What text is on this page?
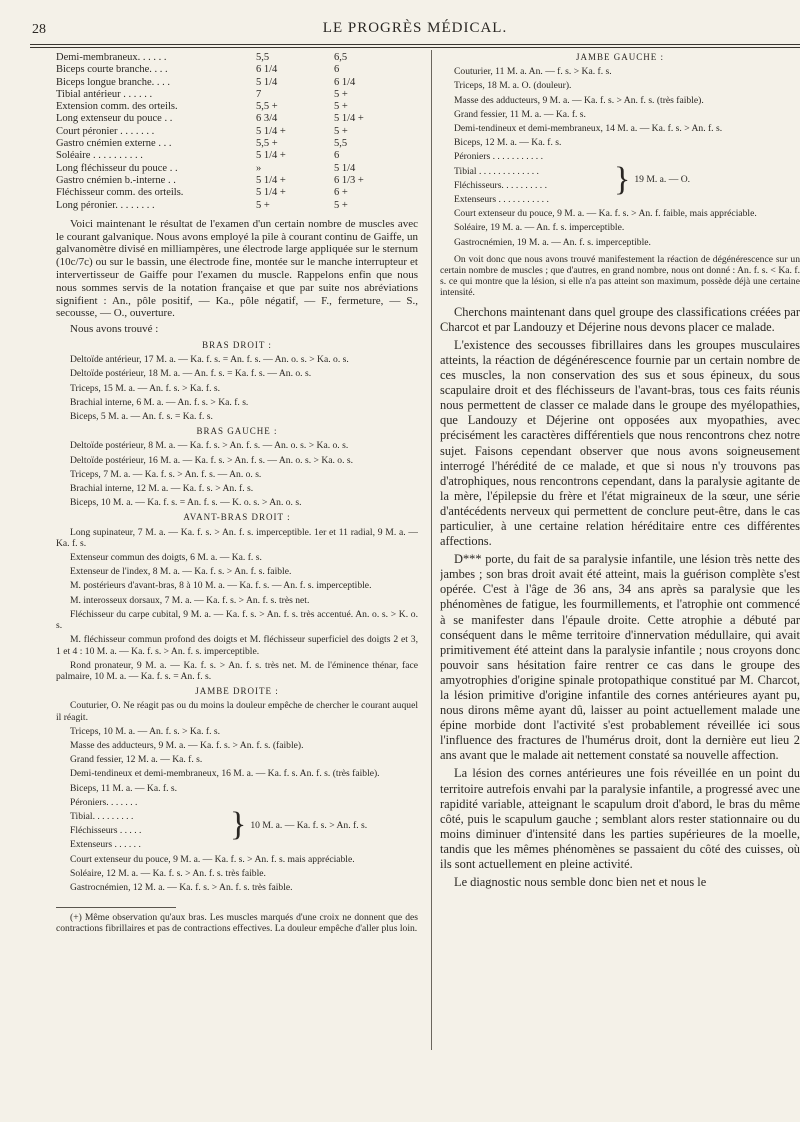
28	LE PROGRÈS MÉDICAL.
Demi-membraneux. . . . . .	5,5	6,5
Biceps courte branche. . . .	6 1/4	6
Biceps longue branche. . . .	5 1/4	6 1/4
Tibial antérieur . . . . . .	7	5 +
Extension comm. des orteils.	5,5 +	5 +
Long extenseur du pouce . .	6 3/4	5 1/4 +
Court péronier . . . . . . .	5 1/4 +	5 +
Gastro cnémien externe . . .	5,5 +	5,5
Soléaire . . . . . . . . . .	5 1/4 +	6
Long fléchisseur du pouce . .	»	5 1/4
Gastro cnémien b.-interne . .	5 1/4 +	6 1/3 +
Fléchisseur comm. des orteils.	5 1/4 +	6 +
Long péronier. . . . . . . .	5 +	5 +

Voici maintenant le résultat de l'examen d'un certain nombre de muscles avec le courant galvanique. Nous avons employé la pile à courant continu de Gaiffe, un galvanomètre divisé en milliampères, une électrode large appliquée sur le sternum (10c/7c) ou sur le bassin, une électrode fine, montée sur le manche interrupteur et intervertisseur de Gaiffe pour l'examen du muscle. Rappelons enfin que nous nous sommes servis de la notation française et que par suite nos abréviations signifient : An., pôle positif, — Ka., pôle négatif, — F., fermeture, — S., secousse, — O., ouverture.

Nous avons trouvé :

BRAS DROIT :
Deltoïde antérieur, 17 M. a. — Ka. f. s. = An. f. s. — An. o. s. > Ka. o. s.
Deltoïde postérieur, 18 M. a. — An. f. s. = Ka. f. s. — An. o. s.
Triceps, 15 M. a. — An. f. s. > Ka. f. s.
Brachial interne, 6 M. a. — An. f. s. > Ka. f. s.
Biceps, 5 M. a. — An. f. s. = Ka. f. s.
BRAS GAUCHE :
Deltoïde postérieur, 8 M. a. — Ka. f. s. > An. f. s. — An. o. s. > Ka. o. s.
Deltoïde postérieur, 16 M. a. — Ka. f. s. > An. f. s. — An. o. s. > Ka. o. s.
Triceps, 7 M. a. — Ka. f. s. > An. f. s. — An. o. s.
Brachial interne, 12 M. a. — Ka. f. s. > An. f. s.
Biceps, 10 M. a. — Ka. f. s. = An. f. s. — K. o. s. > An. o. s.
AVANT-BRAS DROIT :
Long supinateur, 7 M. a. — Ka. f. s. > An. f. s. imperceptible. 1er et 11 radial, 9 M. a. — Ka. f. s.
Extenseur commun des doigts, 6 M. a. — Ka. f. s.
Extenseur de l'index, 8 M. a. — Ka. f. s. > An. f. s. faible.
M. postérieurs d'avant-bras, 8 à 10 M. a. — Ka. f. s. — An. f. s. imperceptible.
M. interosseux dorsaux, 7 M. a. — Ka. f. s. > An. f. s. très net.
Fléchisseur du carpe cubital, 9 M. a. — Ka. f. s. > An. f. s. très accentué. An. o. s. > K. o. s.
M. fléchisseur commun profond des doigts et M. fléchisseur superficiel des doigts 2 et 3, 1 et 4 : 10 M. a. — Ka. f. s. > An. f. s. imperceptible.
Rond pronateur, 9 M. a. — Ka. f. s. > An. f. s. très net. M. de l'éminence thénar, face palmaire, 10 M. a. — Ka. f. s. = An. f. s.
JAMBE DROITE :
Couturier, O. Ne réagit pas ou du moins la douleur empêche de chercher le courant auquel il réagit.
Triceps, 10 M. a. — An. f. s. > Ka. f. s.
Masse des adducteurs, 9 M. a. — Ka. f. s. > An. f. s. (faible).
Grand fessier, 12 M. a. — Ka. f. s.
Demi-tendineux et demi-membraneux, 16 M. a. — Ka. f. s. An. f. s. (très faible).
Biceps, 11 M. a. — Ka. f. s.
Péroniers. . . . . . .
Tibial. . . . . . . . .
Fléchisseurs . . . . .
Extenseurs . . . . . .
} 10 M. a. — Ka. f. s. > An. f. s.
Court extenseur du pouce, 9 M. a. — Ka. f. s. > An. f. s. mais appréciable.
Soléaire, 12 M. a. — Ka. f. s. > An. f. s. très faible.
Gastrocnémien, 12 M. a. — Ka. f. s. > An. f. s. très faible.

(+) Même observation qu'aux bras. Les muscles marqués d'une croix ne donnent que des contractions fibrillaires et pas de contractions effectives. La douleur empêche d'aller plus loin.

JAMBE GAUCHE :
Couturier, 11 M. a. An. — f. s. > Ka. f. s.
Triceps, 18 M. a. O. (douleur).
Masse des adducteurs, 9 M. a. — Ka. f. s. > An. f. s. (très faible).
Grand fessier, 11 M. a. — Ka. f. s.
Demi-tendineux et demi-membraneux, 14 M. a. — Ka. f. s. > An. f. s.
Biceps, 12 M. a. — Ka. f. s.
Péroniers . . . . . . . . . . .
Tibial . . . . . . . . . . . . .
Fléchisseurs. . . . . . . . . .
Extenseurs . . . . . . . . . . .
} 19 M. a. — O.
Court extenseur du pouce, 9 M. a. — Ka. f. s. > An. f. faible, mais appréciable.
Soléaire, 19 M. a. — An. f. s. imperceptible.
Gastrocnémien, 19 M. a. — An. f. s. imperceptible.

On voit donc que nous avons trouvé manifestement la réaction de dégénérescence sur un certain nombre de muscles ; que d'autres, en grand nombre, nous ont donné : An. f. s. < Ka. f. s. ce qui montre que la lésion, si elle n'a pas atteint son maximum, possède déjà une certaine intensité.

Cherchons maintenant dans quel groupe des classifications créées par Charcot et par Landouzy et Déjerine nous devons placer ce malade.

L'existence des secousses fibrillaires dans les groupes musculaires atteints, la réaction de dégénérescence fournie par un certain nombre de ces muscles, la non conservation des sus et sous épineux, du sous scapulaire droit et des fléchisseurs de l'avant-bras, tous ces faits réunis nous permettent de classer ce malade dans le groupe des myélopathies, que Landouzy et Déjerine ont opposées aux myopathies, avec précisément les caractères différentiels que nous rencontrons chez notre sujet. Faisons cependant observer que nous avons soigneusement interrogé l'hérédité de ce malade, et que si nous n'y trouvons pas d'atrophiques, nous rencontrons cependant, dans la paralysie agitante de la mère, l'épilepsie du frère et l'état migraineux de la sœur, une série d'antécédents nerveux qui permettent de conclure peut-être, dans le cas particulier, à une certaine relation héréditaire entre ces différentes affections.

D*** porte, du fait de sa paralysie infantile, une lésion très nette des jambes ; son bras droit avait été atteint, mais la guérison complète s'est opérée. C'est à l'âge de 36 ans, 34 ans après sa paralysie que les phénomènes de fatigue, les fourmillements, et l'atrophie ont commencé à se manifester dans l'épaule droite. Cette atrophie a débuté par conséquent dans le même territoire d'innervation médullaire, qui avait primitivement été atteint dans la paralysie infantile ; nous croyons donc pouvoir sans hésitation faire rentrer ce cas dans le groupe des amyotrophies d'origine spinale protopathique constitué par M. Charcot, la lésion primitive d'origine infantile des cornes antérieures ayant pu, nous dirons même ayant dû, laisser au point actuellement malade une épine morbide dont l'activité s'est probablement réveillée ici sous l'influence des fractures de l'humérus droit, dont la dernière eut lieu 2 ans avant que le malade ait nettement constaté sa nouvelle affection.

La lésion des cornes antérieures une fois réveillée en un point du territoire autrefois envahi par la paralysie infantile, a progressé avec une rapidité variable, atteignant le scapulum droit d'abord, le bras du même côté, puis le scapulum gauche ; semblant alors rester stationnaire ou du moins diminuer d'intensité dans les parties supérieures de la moelle, tandis que les mêmes phénomènes se passaient du côté des cuisses, où ils sont actuellement en pleine activité.

Le diagnostic nous semble donc bien net et nous le
